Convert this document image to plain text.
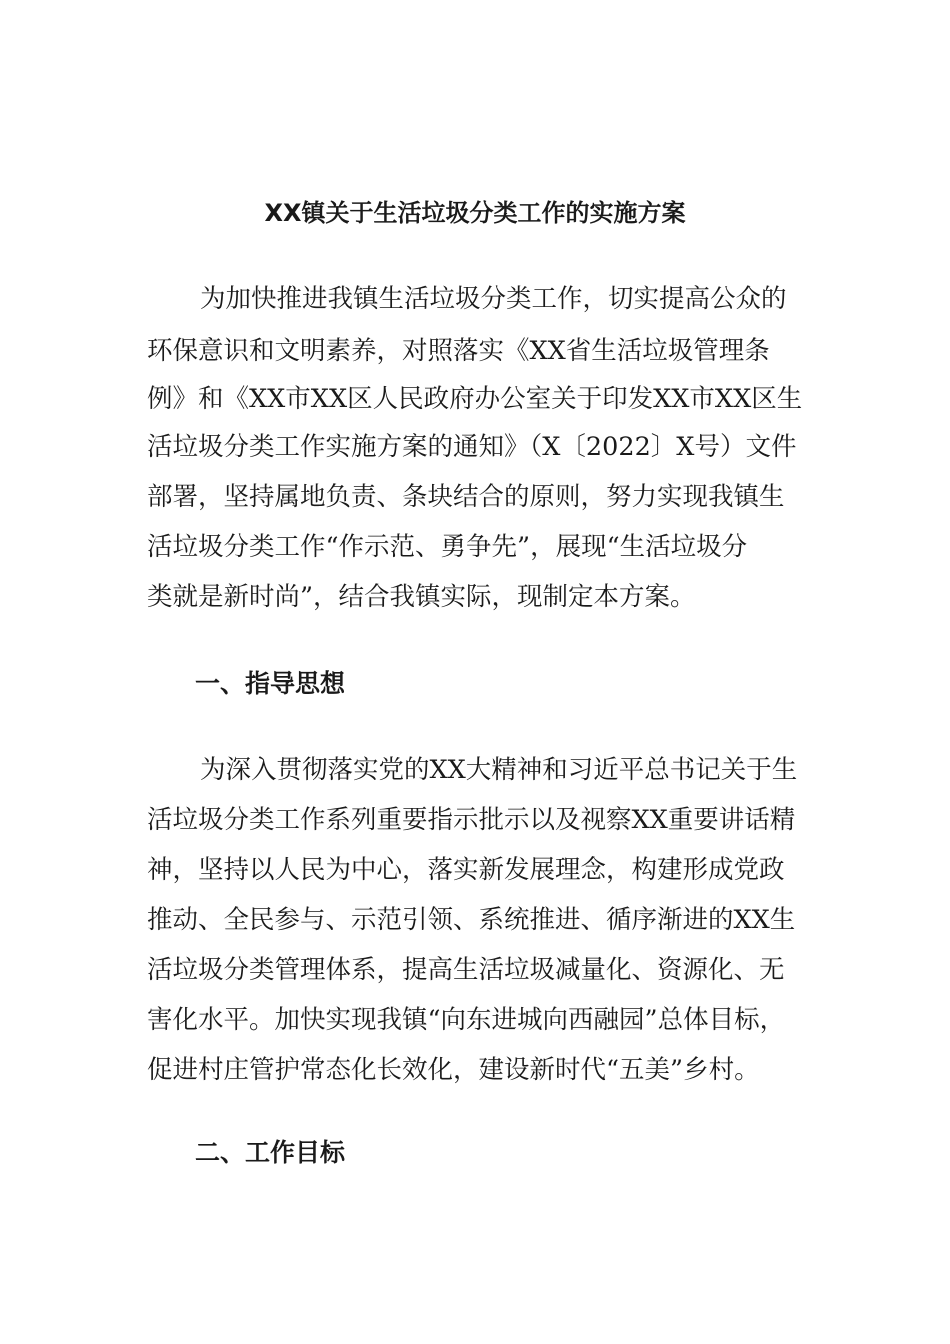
XX镇关于生活垃圾分类工作的实施方案

为加快推进我镇生活垃圾分类工作，切实提高公众的

环保意识和文明素养，对照落实《XX省生活垃圾管理条

例》和《XX市XX区人民政府办公室关于印发XX市XX区生

活垃圾分类工作实施方案的通知》（X〔2022〕X号）文件

部署，坚持属地负责、条块结合的原则，努力实现我镇生

活垃圾分类工作“作示范、勇争先”，展现“生活垃圾分

类就是新时尚”，结合我镇实际，现制定本方案。

一、指导思想

为深入贯彻落实党的XX大精神和习近平总书记关于生

活垃圾分类工作系列重要指示批示以及视察XX重要讲话精

神，坚持以人民为中心，落实新发展理念，构建形成党政

推动、全民参与、示范引领、系统推进、循序渐进的XX生

活垃圾分类管理体系，提高生活垃圾减量化、资源化、无

害化水平。加快实现我镇“向东进城向西融园”总体目标，

促进村庄管护常态化长效化，建设新时代“五美”乡村。

二、工作目标
